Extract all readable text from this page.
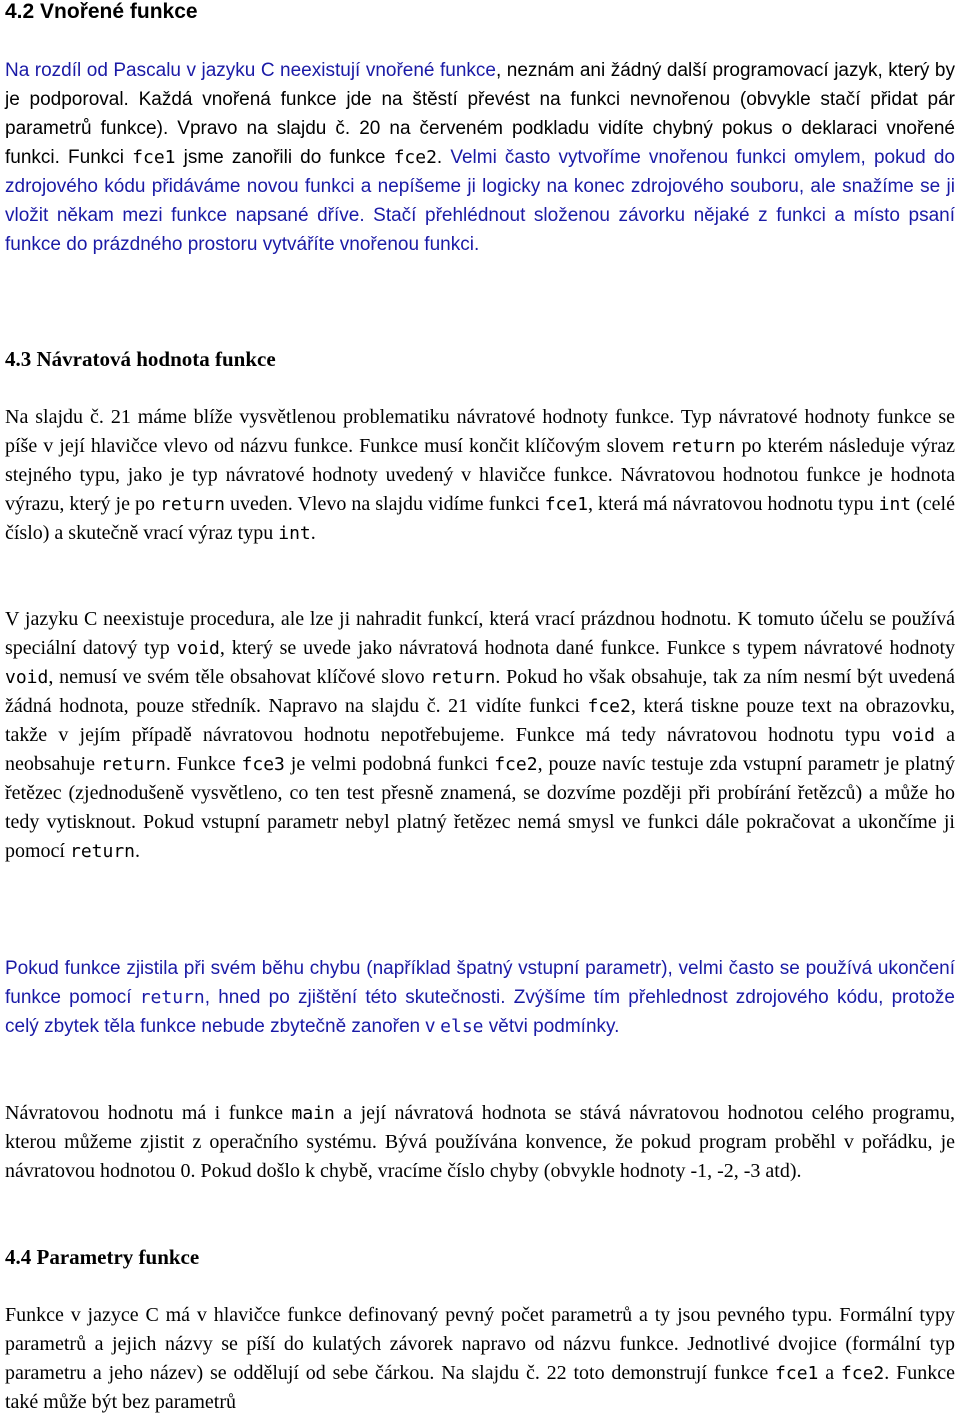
4.2 Vnořené funkce

Na rozdíl od Pascalu v jazyku C neexistují vnořené funkce, neznám ani žádný další programovací jazyk, který by je podporoval. Každá vnořená funkce jde na štěstí převést na funkci nevnořenou (obvykle stačí přidat pár parametrů funkce). Vpravo na slajdu č. 20 na červeném podkladu vidíte chybný pokus o deklaraci vnořené funkci. Funkci fce1 jsme zanořili do funkce fce2. Velmi často vytvoříme vnořenou funkci omylem, pokud do zdrojového kódu přidáváme novou funkci a nepíšeme ji logicky na konec zdrojového souboru, ale snažíme se ji vložit někam mezi funkce napsané dříve. Stačí přehlédnout složenou závorku nějaké z funkci a místo psaní funkce do prázdného prostoru vytváříte vnořenou funkci.

4.3 Návratová hodnota funkce

Na slajdu č. 21 máme blíže vysvětlenou problematiku návratové hodnoty funkce. Typ návratové hodnoty funkce se píše v její hlavičce vlevo od názvu funkce. Funkce musí končit klíčovým slovem return po kterém následuje výraz stejného typu, jako je typ návratové hodnoty uvedený v hlavičce funkce. Návratovou hodnotou funkce je hodnota výrazu, který je po return uveden. Vlevo na slajdu vidíme funkci fce1, která má návratovou hodnotu typu int (celé číslo) a skutečně vrací výraz typu int.

V jazyku C neexistuje procedura, ale lze ji nahradit funkcí, která vrací prázdnou hodnotu. K tomuto účelu se používá speciální datový typ void, který se uvede jako návratová hodnota dané funkce. Funkce s typem návratové hodnoty void, nemusí ve svém těle obsahovat klíčové slovo return. Pokud ho však obsahuje, tak za ním nesmí být uvedená žádná hodnota, pouze středník. Napravo na slajdu č. 21 vidíte funkci fce2, která tiskne pouze text na obrazovku, takže v jejím případě návratovou hodnotu nepotřebujeme. Funkce má tedy návratovou hodnotu typu void a neobsahuje return. Funkce fce3 je velmi podobná funkci fce2, pouze navíc testuje zda vstupní parametr je platný řetězec (zjednodušeně vysvětleno, co ten test přesně znamená, se dozvíme později při probírání řetězců) a může ho tedy vytisknout. Pokud vstupní parametr nebyl platný řetězec nemá smysl ve funkci dále pokračovat a ukončíme ji pomocí return.

Pokud funkce zjistila při svém běhu chybu (například špatný vstupní parametr), velmi často se používá ukončení funkce pomocí return, hned po zjištění této skutečnosti. Zvýšíme tím přehlednost zdrojového kódu, protože celý zbytek těla funkce nebude zbytečně zanořen v else větvi podmínky.

Návratovou hodnotu má i funkce main a její návratová hodnota se stává návratovou hodnotou celého programu, kterou můžeme zjistit z operačního systému. Bývá používána konvence, že pokud program proběhl v pořádku, je návratovou hodnotou 0. Pokud došlo k chybě, vracíme číslo chyby (obvykle hodnoty -1, -2, -3 atd).

4.4 Parametry funkce

Funkce v jazyce C má v hlavičce funkce definovaný pevný počet parametrů a ty jsou pevného typu. Formální typy parametrů a jejich názvy se píší do kulatých závorek napravo od názvu funkce. Jednotlivé dvojice (formální typ parametru a jeho název) se oddělují od sebe čárkou. Na slajdu č. 22 toto demonstrují funkce fce1 a fce2. Funkce také může být bez parametrů
